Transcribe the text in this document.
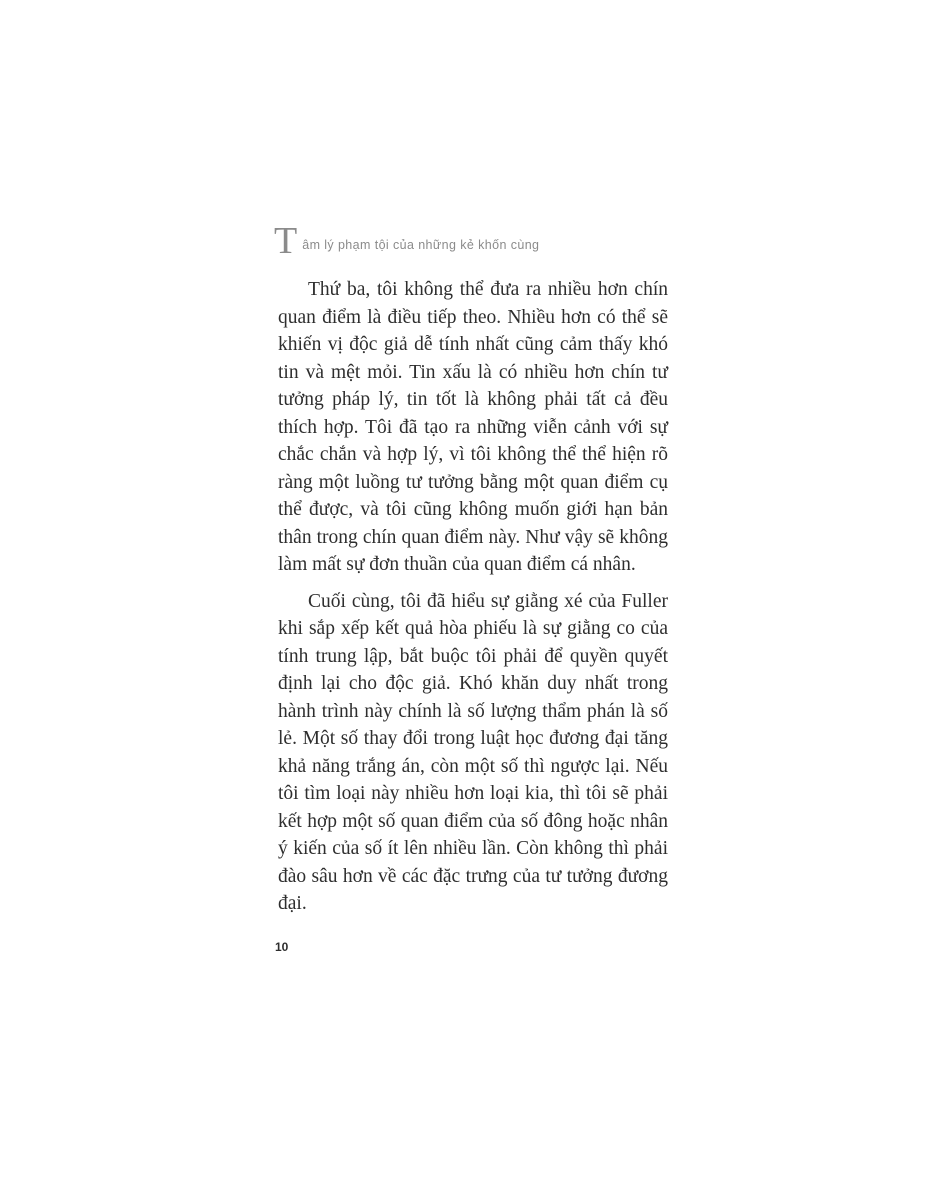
T âm lý phạm tội của những kẻ khốn cùng

Thứ ba, tôi không thể đưa ra nhiều hơn chín quan điểm là điều tiếp theo. Nhiều hơn có thể sẽ khiến vị độc giả dễ tính nhất cũng cảm thấy khó tin và mệt mỏi. Tin xấu là có nhiều hơn chín tư tưởng pháp lý, tin tốt là không phải tất cả đều thích hợp. Tôi đã tạo ra những viễn cảnh với sự chắc chắn và hợp lý, vì tôi không thể thể hiện rõ ràng một luồng tư tưởng bằng một quan điểm cụ thể được, và tôi cũng không muốn giới hạn bản thân trong chín quan điểm này. Như vậy sẽ không làm mất sự đơn thuần của quan điểm cá nhân.

Cuối cùng, tôi đã hiểu sự giằng xé của Fuller khi sắp xếp kết quả hòa phiếu là sự giằng co của tính trung lập, bắt buộc tôi phải để quyền quyết định lại cho độc giả. Khó khăn duy nhất trong hành trình này chính là số lượng thẩm phán là số lẻ. Một số thay đổi trong luật học đương đại tăng khả năng trắng án, còn một số thì ngược lại. Nếu tôi tìm loại này nhiều hơn loại kia, thì tôi sẽ phải kết hợp một số quan điểm của số đông hoặc nhân ý kiến của số ít lên nhiều lần. Còn không thì phải đào sâu hơn về các đặc trưng của tư tưởng đương đại.

10
